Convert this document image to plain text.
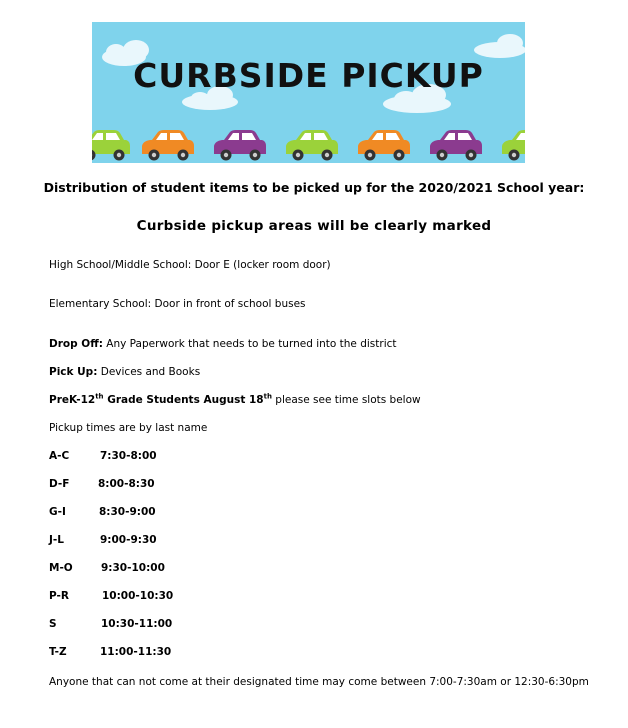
CURBSIDE PICKUP
Distribution of student items to be picked up for the 2020/2021 School year:
Curbside pickup areas will be clearly marked
High School/Middle School: Door E (locker room door)
Elementary School: Door in front of school buses
Drop Off: Any Paperwork that needs to be turned into the district
Pick Up: Devices and Books
PreK-12th Grade Students August 18th please see time slots below
Pickup times are by last name
A-C	7:30-8:00
D-F	8:00-8:30
G-I	8:30-9:00
J-L	9:00-9:30
M-O	9:30-10:00
P-R	10:00-10:30
S	10:30-11:00
T-Z	11:00-11:30
Anyone that can not come at their designated time may come between 7:00-7:30am or 12:30-6:30pm
